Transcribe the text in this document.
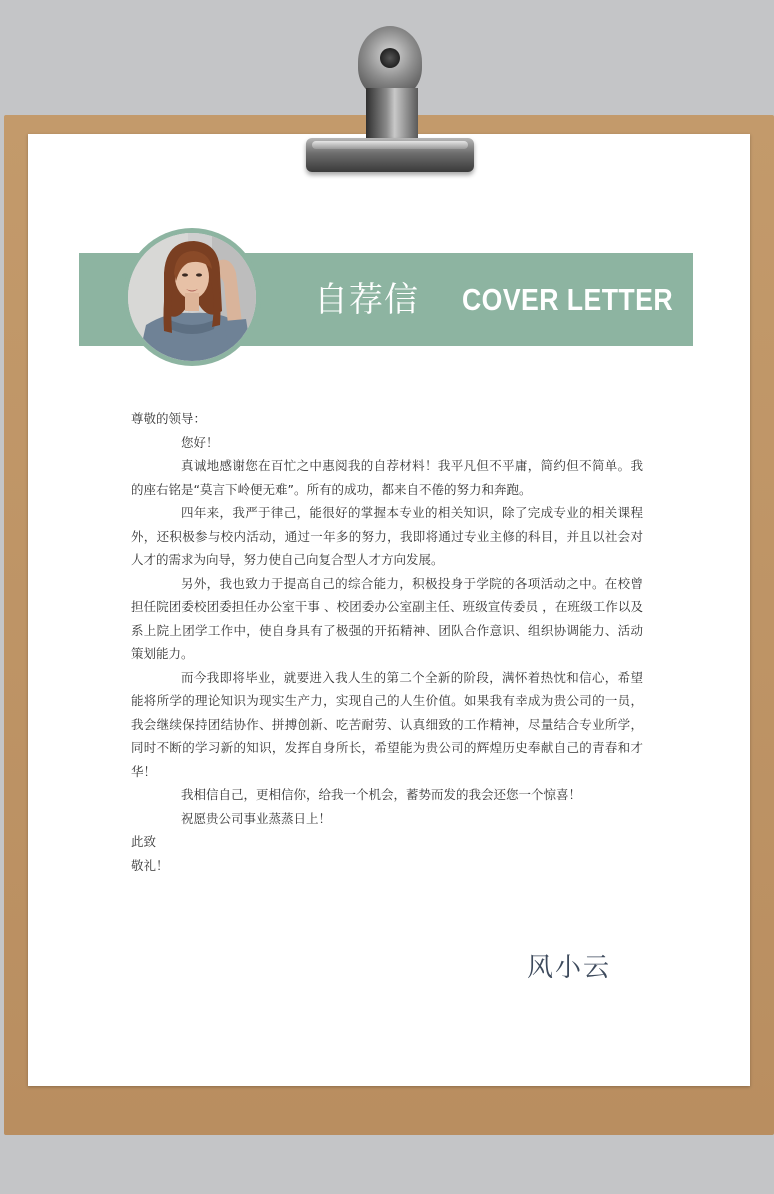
自荐信 COVER LETTER

尊敬的领导：

您好！

真诚地感谢您在百忙之中惠阅我的自荐材料！我平凡但不平庸，简约但不简单。我的座右铭是“莫言下岭便无难”。所有的成功，都来自不倦的努力和奔跑。

四年来，我严于律己，能很好的掌握本专业的相关知识，除了完成专业的相关课程外，还积极参与校内活动，通过一年多的努力，我即将通过专业主修的科目，并且以社会对人才的需求为向导，努力使自己向复合型人才方向发展。

另外，我也致力于提高自己的综合能力，积极投身于学院的各项活动之中。在校曾担任院团委校团委担任办公室干事 、校团委办公室副主任、班级宣传委员 ，在班级工作以及系上院上团学工作中，使自身具有了极强的开拓精神、团队合作意识、组织协调能力、活动策划能力。

而今我即将毕业，就要进入我人生的第二个全新的阶段，满怀着热忱和信心，希望能将所学的理论知识为现实生产力，实现自己的人生价值。如果我有幸成为贵公司的一员，我会继续保持团结协作、拼搏创新、吃苦耐劳、认真细致的工作精神，尽量结合专业所学，同时不断的学习新的知识，发挥自身所长，希望能为贵公司的辉煌历史奉献自己的青春和才华！

我相信自己，更相信你，给我一个机会，蓄势而发的我会还您一个惊喜！

祝愿贵公司事业蒸蒸日上！

此致

敬礼！

风小云
